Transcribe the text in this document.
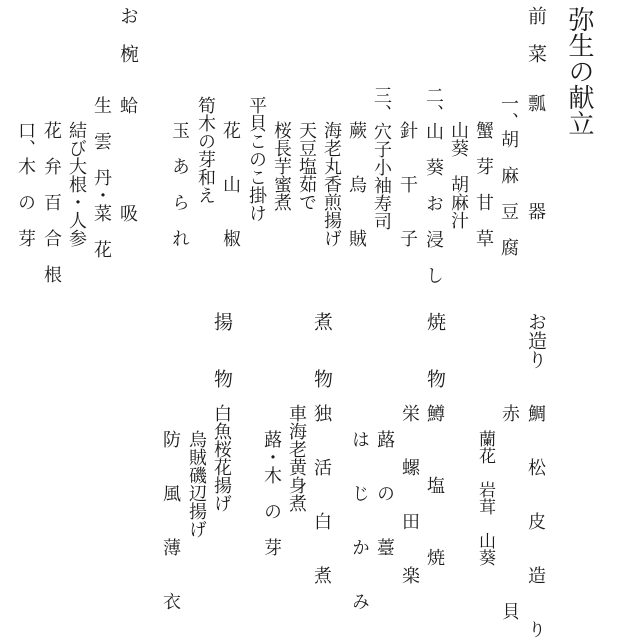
弥生の献立
前　菜
瓢　　　　　器
一、胡　麻　豆　腐
蟹　芽　甘　草
山葵　胡麻汁
二、山　葵　お　浸　し
針　　干　　子
三、穴子小袖寿司
蕨　　烏　　賊
海老丸香煎揚げ
天豆塩茹で
桜長芋蜜煮
平貝このこ掛け
花　　山　　椒
筍木の芽和え
玉　あ　ら　れ
お　椀
蛤　　　　　吸
生　雲　丹・菜　花
結び大根・人参
花　弁　百　合　根
口、木　の　芽
お造り
鯛　　松　　皮　　造　　り
赤　　　　　　　　　　貝
蘭花　岩茸　山葵
焼　　物
鱒　　　塩　　　焼
栄　　螺　　田　　楽
蕗　　の　　薹
は　　じ　　か　　み
煮　　物
独　　活　　白　　煮
車海老黄身煮
蕗・木　の　芽
揚　　物
白魚桜花揚げ
烏賊磯辺揚げ
防　　風　　薄　　衣
